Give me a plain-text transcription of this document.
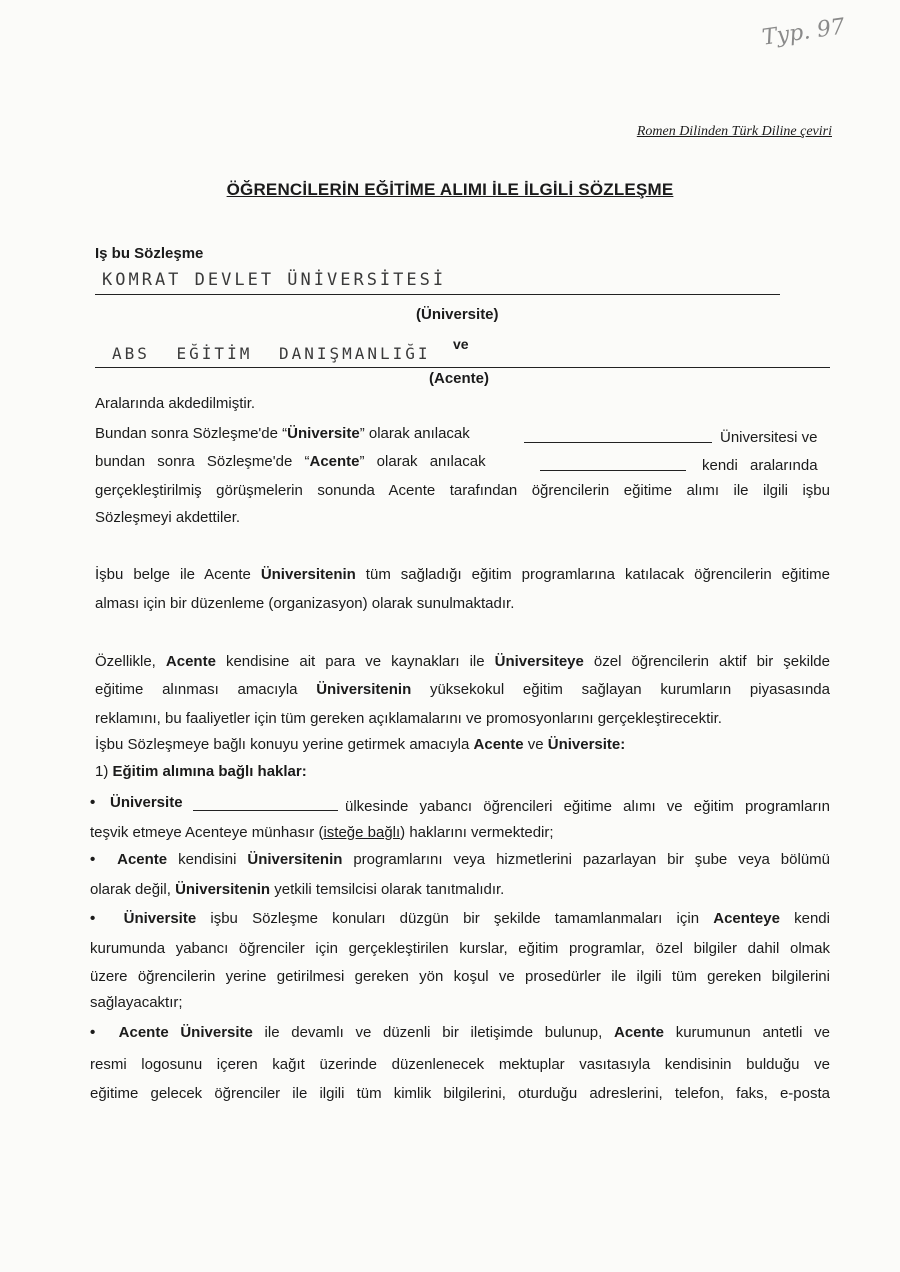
Typ. 97
Romen Dilinden Türk Diline çeviri
ÖĞRENCİLERİN EĞİTİME ALIMI İLE İLGİLİ SÖZLEŞME
Iş bu Sözleşme
KOMRAT DEVLET ÜNİVERSİTESİ
(Üniversite)
ABS EĞİTİM DANIŞMANLIĞI ve
(Acente)
Aralarında akdedilmiştir.
Bundan sonra Sözleşme'de “Üniversite” olarak anılacak	Üniversitesi ve
bundan sonra Sözleşme'de “Acente” olarak anılacak	kendi aralarında
gerçekleştirilmiş görüşmelerin sonunda Acente tarafından öğrencilerin eğitime alımı ile ilgili işbu
Sözleşmeyi akdettiler.
İşbu belge ile Acente Üniversitenin tüm sağladığı eğitim programlarına katılacak öğrencilerin eğitime
alması için bir düzenleme (organizasyon) olarak sunulmaktadır.
Özellikle, Acente kendisine ait para ve kaynakları ile Üniversiteye özel öğrencilerin aktif bir şekilde
eğitime alınması amacıyla Üniversitenin yüksekokul eğitim sağlayan kurumların piyasasında
reklamını, bu faaliyetler için tüm gereken açıklamalarını ve promosyonlarını gerçekleştirecektir.
İşbu Sözleşmeye bağlı konuyu yerine getirmek amacıyla Acente ve Üniversite:
1) Eğitim alımına bağlı haklar:
• Üniversite	ülkesinde yabancı öğrencileri eğitime alımı ve eğitim programların
teşvik etmeye Acenteye münhasır (isteğe bağlı) haklarını vermektedir;
• Acente kendisini Üniversitenin programlarını veya hizmetlerini pazarlayan bir şube veya bölümü
olarak değil, Üniversitenin yetkili temsilcisi olarak tanıtmalıdır.
• Üniversite işbu Sözleşme konuları düzgün bir şekilde tamamlanmaları için Acenteye kendi
kurumunda yabancı öğrenciler için gerçekleştirilen kurslar, eğitim programlar, özel bilgiler dahil olmak
üzere öğrencilerin yerine getirilmesi gereken yön koşul ve prosedürler ile ilgili tüm gereken bilgilerini
sağlayacaktır;
• Acente Üniversite ile devamlı ve düzenli bir iletişimde bulunup, Acente kurumunun antetli ve
resmi logosunu içeren kağıt üzerinde düzenlenecek mektuplar vasıtasıyla kendisinin bulduğu ve
eğitime gelecek öğrenciler ile ilgili tüm kimlik bilgilerini, oturduğu adreslerini, telefon, faks, e-posta
